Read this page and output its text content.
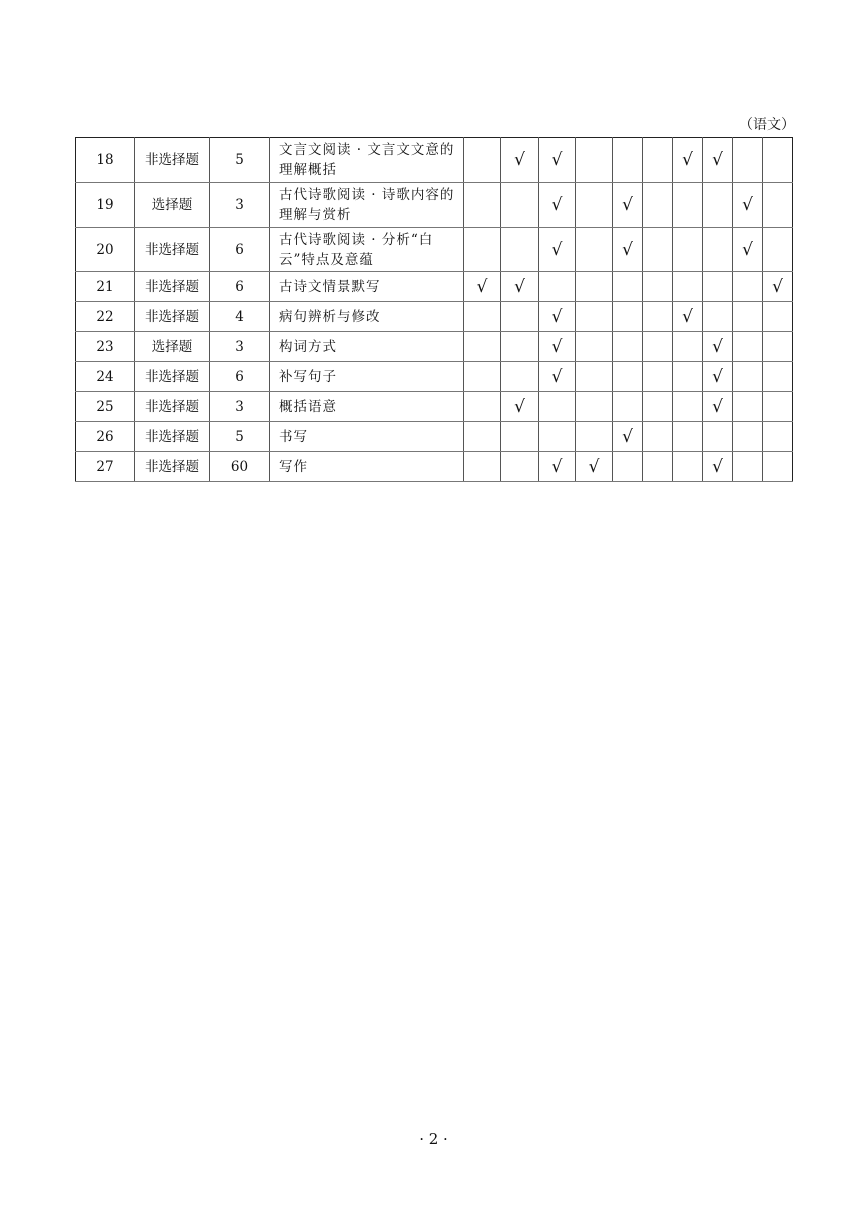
（语文）
18	非选择题	5	文言文阅读 · 文言文文意的理解概括		√	√				√	√		
19	选择题	3	古代诗歌阅读 · 诗歌内容的理解与赏析			√		√				√	
20	非选择题	6	古代诗歌阅读 · 分析“白云”特点及意蕴			√		√				√	
21	非选择题	6	古诗文情景默写	√	√								√
22	非选择题	4	病句辨析与修改			√				√			
23	选择题	3	构词方式			√					√		
24	非选择题	6	补写句子			√					√		
25	非选择题	3	概括语意		√						√		
26	非选择题	5	书写					√					
27	非选择题	60	写作			√	√				√		
· 2 ·
